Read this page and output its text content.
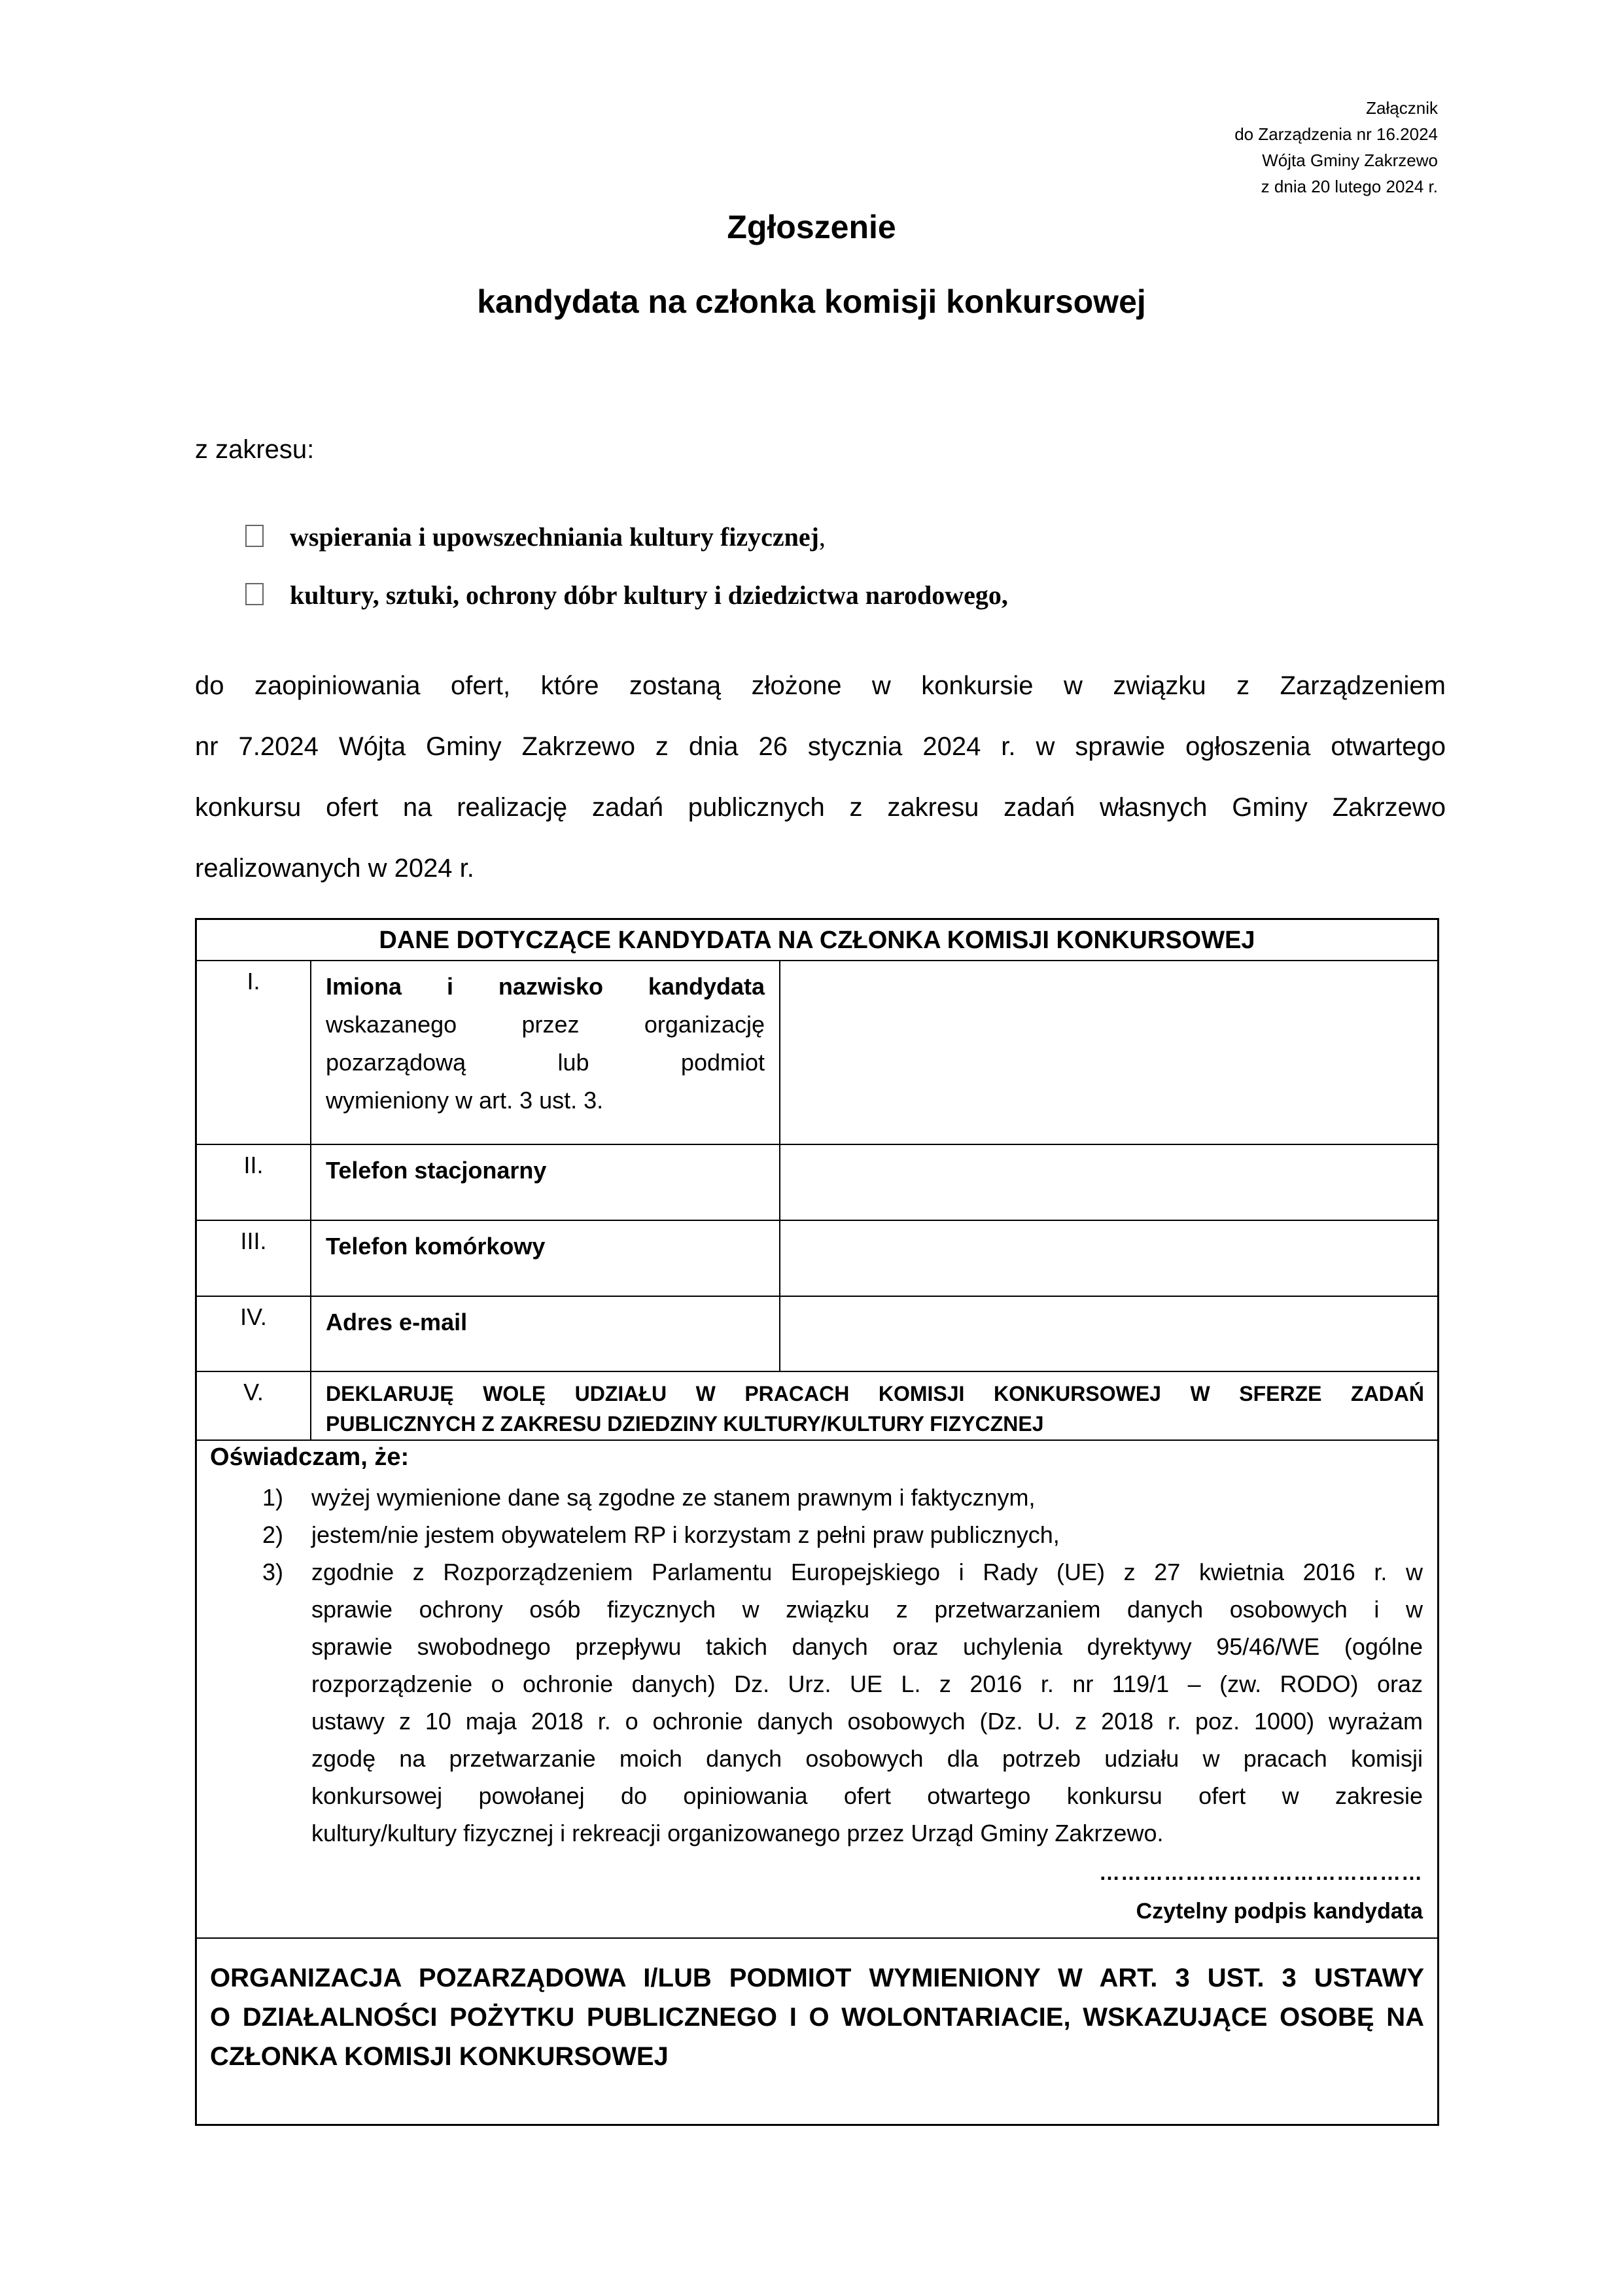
Załącznik
do Zarządzenia nr 16.2024
Wójta Gminy Zakrzewo
z dnia 20 lutego 2024 r.
Zgłoszenie
kandydata na członka komisji konkursowej
z zakresu:
wspierania i upowszechniania kultury fizycznej,
kultury, sztuki, ochrony dóbr kultury i dziedzictwa narodowego,
do zaopiniowania ofert, które zostaną złożone w konkursie w związku z Zarządzeniem
nr 7.2024 Wójta Gminy Zakrzewo z dnia 26 stycznia 2024 r. w sprawie ogłoszenia otwartego
konkursu ofert na realizację zadań publicznych z zakresu zadań własnych Gminy Zakrzewo
realizowanych w 2024 r.
DANE DOTYCZĄCE KANDYDATA NA CZŁONKA KOMISJI KONKURSOWEJ
I.	Imiona i nazwisko kandydata
wskazanego przez organizację
pozarządową lub podmiot
wymieniony w art. 3 ust. 3.
II.	Telefon stacjonarny
III.	Telefon komórkowy
IV.	Adres e-mail
V.	DEKLARUJĘ WOLĘ UDZIAŁU W PRACACH KOMISJI KONKURSOWEJ W SFERZE ZADAŃ
PUBLICZNYCH Z ZAKRESU DZIEDZINY KULTURY/KULTURY FIZYCZNEJ
Oświadczam, że:
1) wyżej wymienione dane są zgodne ze stanem prawnym i faktycznym,
2) jestem/nie jestem obywatelem RP i korzystam z pełni praw publicznych,
3) zgodnie z Rozporządzeniem Parlamentu Europejskiego i Rady (UE) z 27 kwietnia 2016 r. w
sprawie ochrony osób fizycznych w związku z przetwarzaniem danych osobowych i w
sprawie swobodnego przepływu takich danych oraz uchylenia dyrektywy 95/46/WE (ogólne
rozporządzenie o ochronie danych) Dz. Urz. UE L. z 2016 r. nr 119/1 – (zw. RODO) oraz
ustawy z 10 maja 2018 r. o ochronie danych osobowych (Dz. U. z 2018 r. poz. 1000) wyrażam
zgodę na przetwarzanie moich danych osobowych dla potrzeb udziału w pracach komisji
konkursowej powołanej do opiniowania ofert otwartego konkursu ofert w zakresie
kultury/kultury fizycznej i rekreacji organizowanego przez Urząd Gminy Zakrzewo.
………………………………………
Czytelny podpis kandydata
ORGANIZACJA POZARZĄDOWA I/LUB PODMIOT WYMIENIONY W ART. 3 UST. 3 USTAWY
O DZIAŁALNOŚCI POŻYTKU PUBLICZNEGO I O WOLONTARIACIE, WSKAZUJĄCE OSOBĘ NA
CZŁONKA KOMISJI KONKURSOWEJ
